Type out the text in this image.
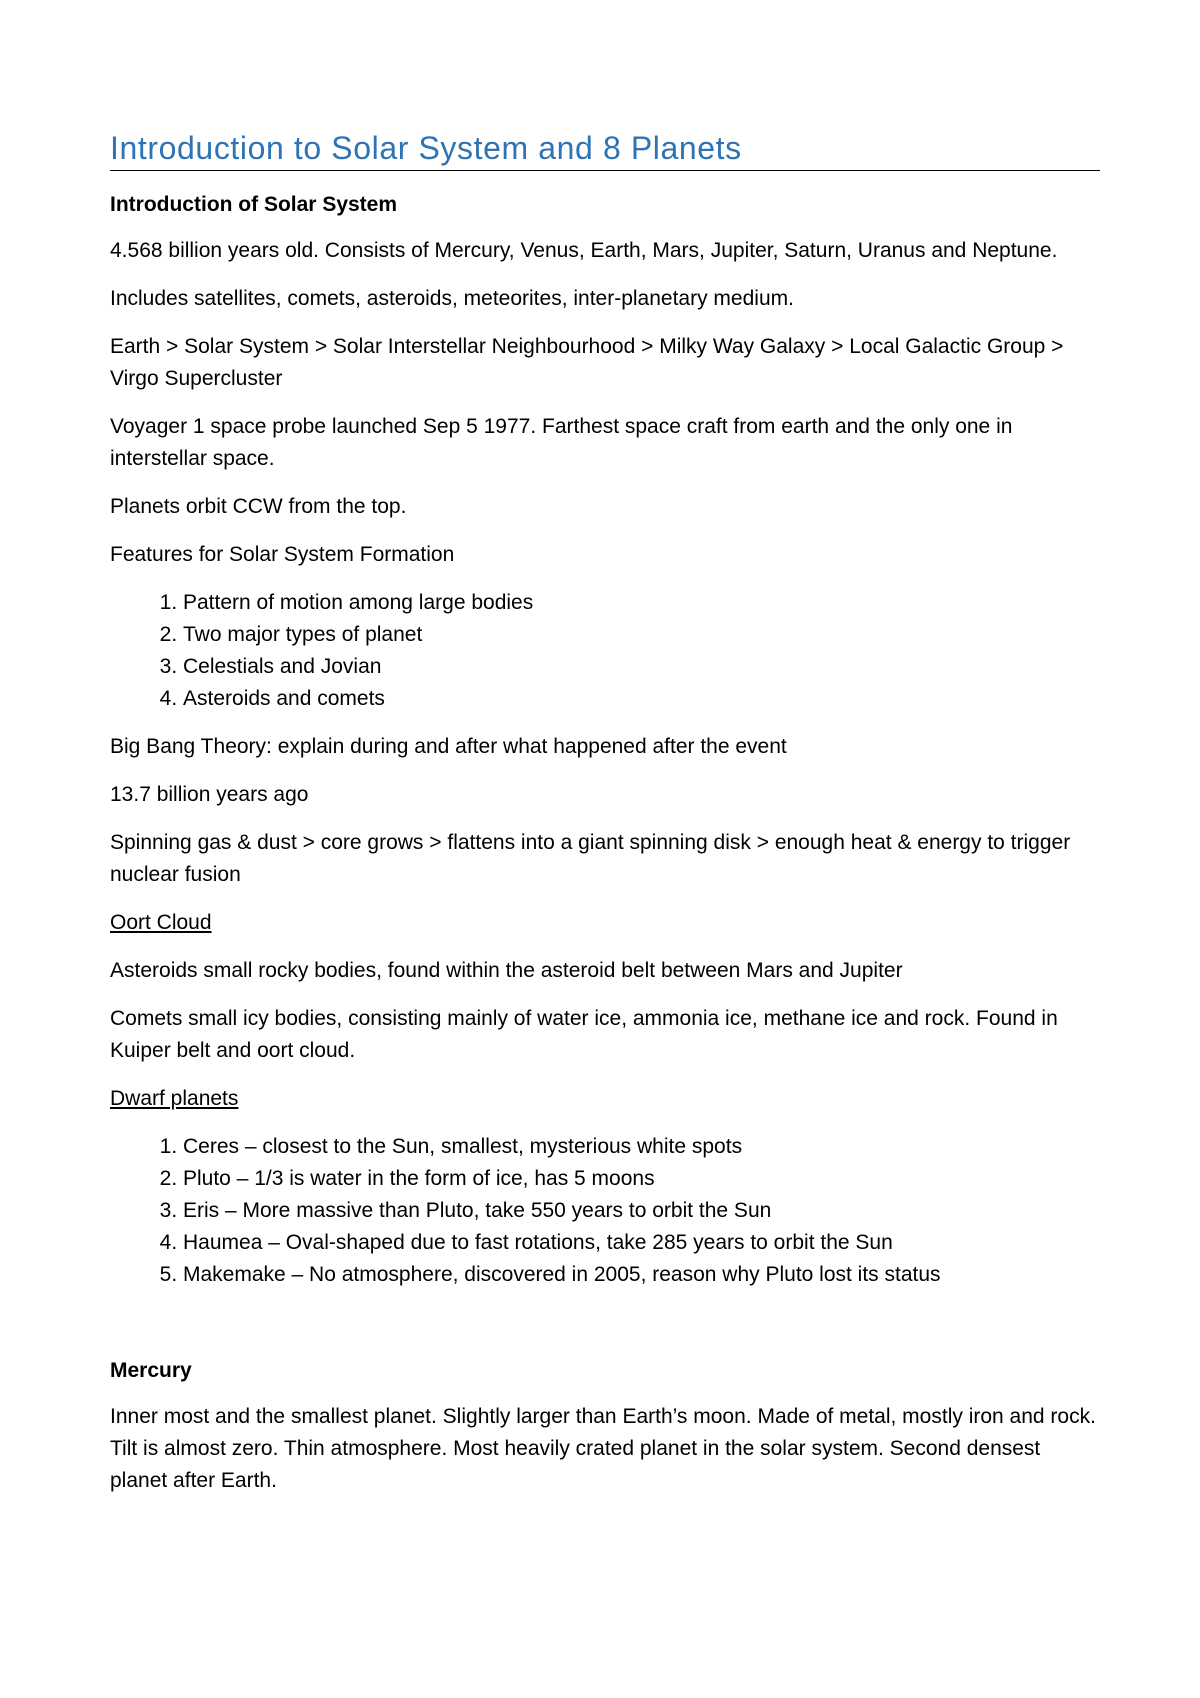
Introduction to Solar System and 8 Planets
Introduction of Solar System

4.568 billion years old. Consists of Mercury, Venus, Earth, Mars, Jupiter, Saturn, Uranus and Neptune.

Includes satellites, comets, asteroids, meteorites, inter-planetary medium.

Earth > Solar System > Solar Interstellar Neighbourhood > Milky Way Galaxy > Local Galactic Group > Virgo Supercluster

Voyager 1 space probe launched Sep 5 1977. Farthest space craft from earth and the only one in interstellar space.

Planets orbit CCW from the top.

Features for Solar System Formation

1. Pattern of motion among large bodies
2. Two major types of planet
3. Celestials and Jovian
4. Asteroids and comets

Big Bang Theory: explain during and after what happened after the event

13.7 billion years ago

Spinning gas & dust > core grows > flattens into a giant spinning disk > enough heat & energy to trigger nuclear fusion

Oort Cloud

Asteroids small rocky bodies, found within the asteroid belt between Mars and Jupiter

Comets small icy bodies, consisting mainly of water ice, ammonia ice, methane ice and rock. Found in Kuiper belt and oort cloud.

Dwarf planets
1. Ceres – closest to the Sun, smallest, mysterious white spots
2. Pluto – 1/3 is water in the form of ice, has 5 moons
3. Eris – More massive than Pluto, take 550 years to orbit the Sun
4. Haumea – Oval-shaped due to fast rotations, take 285 years to orbit the Sun
5. Makemake – No atmosphere, discovered in 2005, reason why Pluto lost its status
Mercury

Inner most and the smallest planet. Slightly larger than Earth’s moon. Made of metal, mostly iron and rock. Tilt is almost zero. Thin atmosphere. Most heavily crated planet in the solar system. Second densest planet after Earth.
